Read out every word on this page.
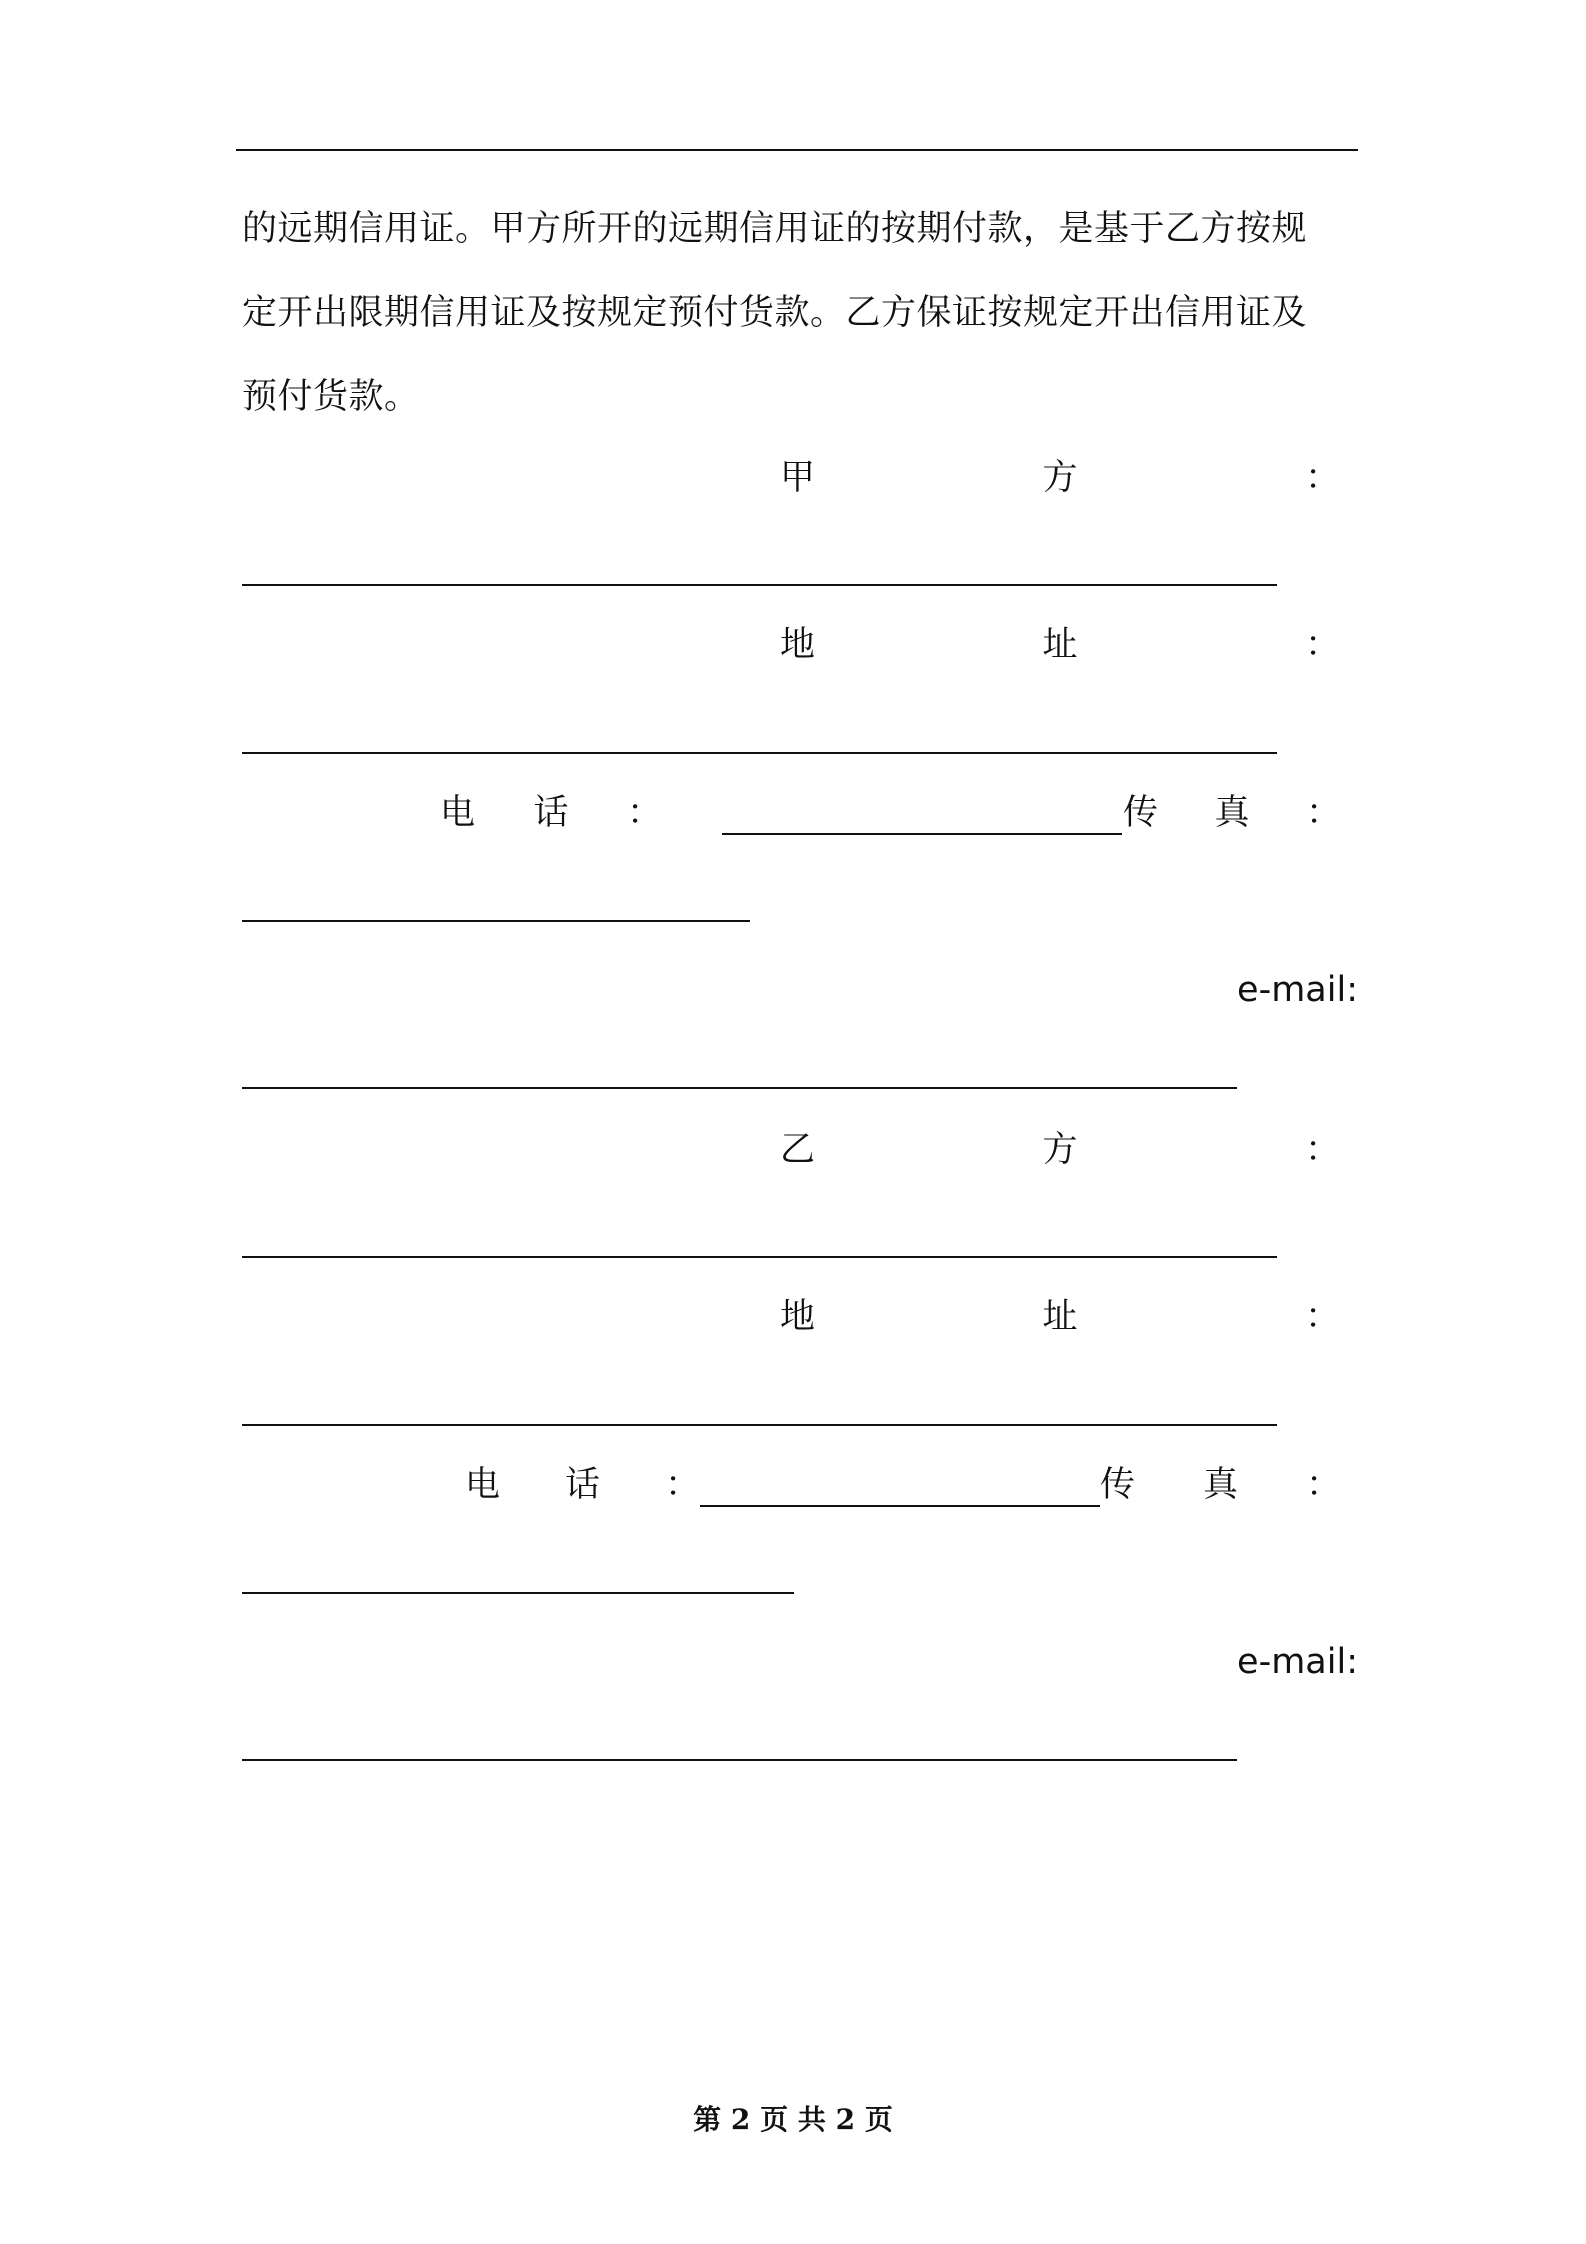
的远期信用证。甲方所开的远期信用证的按期付款，是基于乙方按规
定开出限期信用证及按规定预付货款。乙方保证按规定开出信用证及
预付货款。
甲	方	：
地	址	：
电 话 ：	传 真 ：
e-mail:
乙	方	：
地	址	：
电 话 ：	传 真 ：
e-mail:
第 2 页 共 2 页
